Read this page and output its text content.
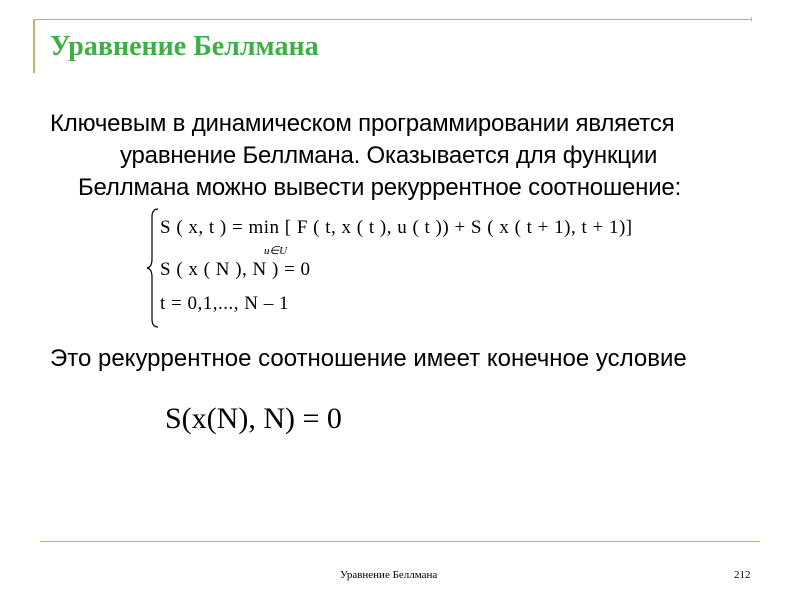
Уравнение Беллмана
Ключевым в динамическом программировании является
уравнение Беллмана. Оказывается для функции
Беллмана можно вывести рекуррентное соотношение:
S ( x, t ) = min [ F ( t, x ( t ), u ( t )) + S ( x ( t + 1), t + 1)]
u∈U
S ( x ( N ), N ) = 0
t = 0,1,..., N – 1
Это рекуррентное соотношение имеет конечное условие
S(x(N), N) = 0
Уравнение Беллмана	212
